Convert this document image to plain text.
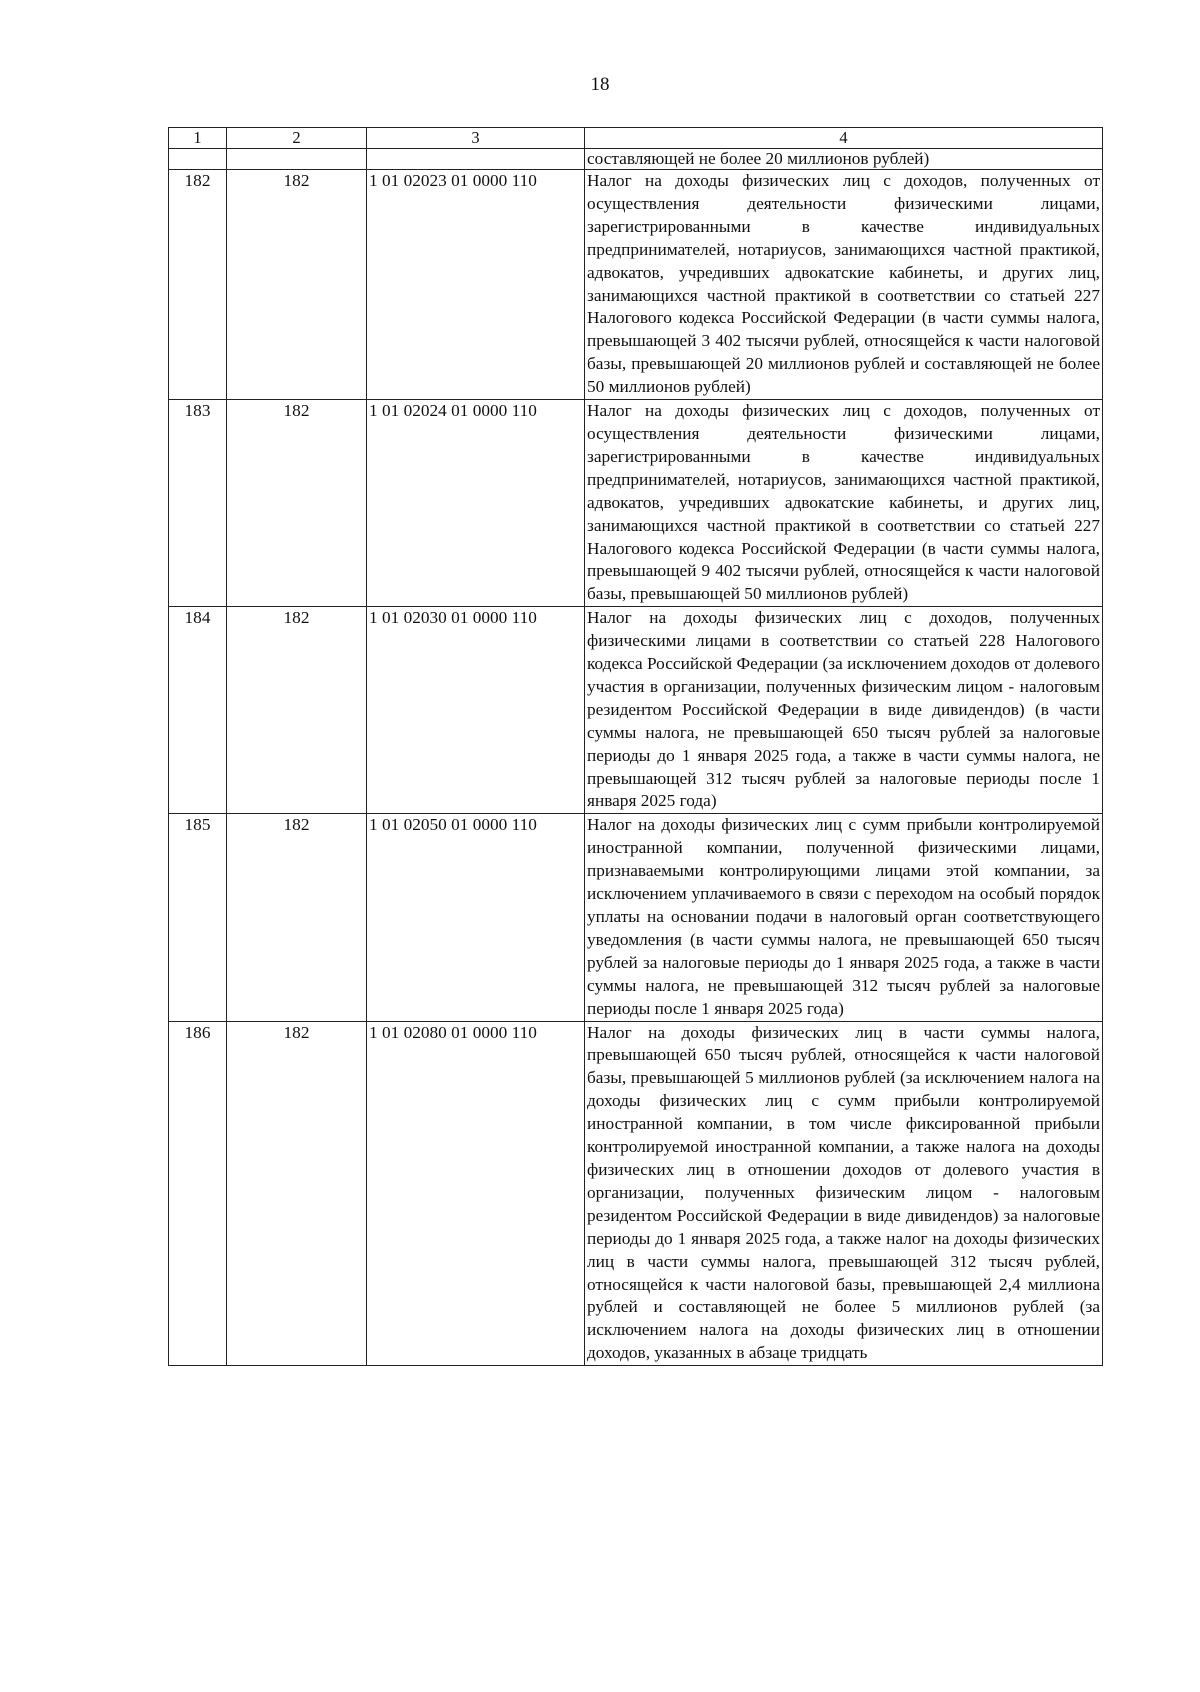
18
1	2	3	4
			составляющей не более 20 миллионов рублей)
182	182	1 01 02023 01 0000 110	Налог на доходы физических лиц с доходов, полученных от осуществления деятельности физическими лицами, зарегистрированными в качестве индивидуальных предпринимателей, нотариусов, занимающихся частной практикой, адвокатов, учредивших адвокатские кабинеты, и других лиц, занимающихся частной практикой в соответствии со статьей 227 Налогового кодекса Российской Федерации (в части суммы налога, превышающей 3 402 тысячи рублей, относящейся к части налоговой базы, превышающей 20 миллионов рублей и составляющей не более 50 миллионов рублей)
183	182	1 01 02024 01 0000 110	Налог на доходы физических лиц с доходов, полученных от осуществления деятельности физическими лицами, зарегистрированными в качестве индивидуальных предпринимателей, нотариусов, занимающихся частной практикой, адвокатов, учредивших адвокатские кабинеты, и других лиц, занимающихся частной практикой в соответствии со статьей 227 Налогового кодекса Российской Федерации (в части суммы налога, превышающей 9 402 тысячи рублей, относящейся к части налоговой базы, превышающей 50 миллионов рублей)
184	182	1 01 02030 01 0000 110	Налог на доходы физических лиц с доходов, полученных физическими лицами в соответствии со статьей 228 Налогового кодекса Российской Федерации (за исключением доходов от долевого участия в организации, полученных физическим лицом - налоговым резидентом Российской Федерации в виде дивидендов) (в части суммы налога, не превышающей 650 тысяч рублей за налоговые периоды до 1 января 2025 года, а также в части суммы налога, не превышающей 312 тысяч рублей за налоговые периоды после 1 января 2025 года)
185	182	1 01 02050 01 0000 110	Налог на доходы физических лиц с сумм прибыли контролируемой иностранной компании, полученной физическими лицами, признаваемыми контролирующими лицами этой компании, за исключением уплачиваемого в связи с переходом на особый порядок уплаты на основании подачи в налоговый орган соответствующего уведомления (в части суммы налога, не превышающей 650 тысяч рублей за налоговые периоды до 1 января 2025 года, а также в части суммы налога, не превышающей 312 тысяч рублей за налоговые периоды после 1 января 2025 года)
186	182	1 01 02080 01 0000 110	Налог на доходы физических лиц в части суммы налога, превышающей 650 тысяч рублей, относящейся к части налоговой базы, превышающей 5 миллионов рублей (за исключением налога на доходы физических лиц с сумм прибыли контролируемой иностранной компании, в том числе фиксированной прибыли контролируемой иностранной компании, а также налога на доходы физических лиц в отношении доходов от долевого участия в организации, полученных физическим лицом - налоговым резидентом Российской Федерации в виде дивидендов) за налоговые периоды до 1 января 2025 года, а также налог на доходы физических лиц в части суммы налога, превышающей 312 тысяч рублей, относящейся к части налоговой базы, превышающей 2,4 миллиона рублей и составляющей не более 5 миллионов рублей (за исключением налога на доходы физических лиц в отношении доходов, указанных в абзаце тридцать
